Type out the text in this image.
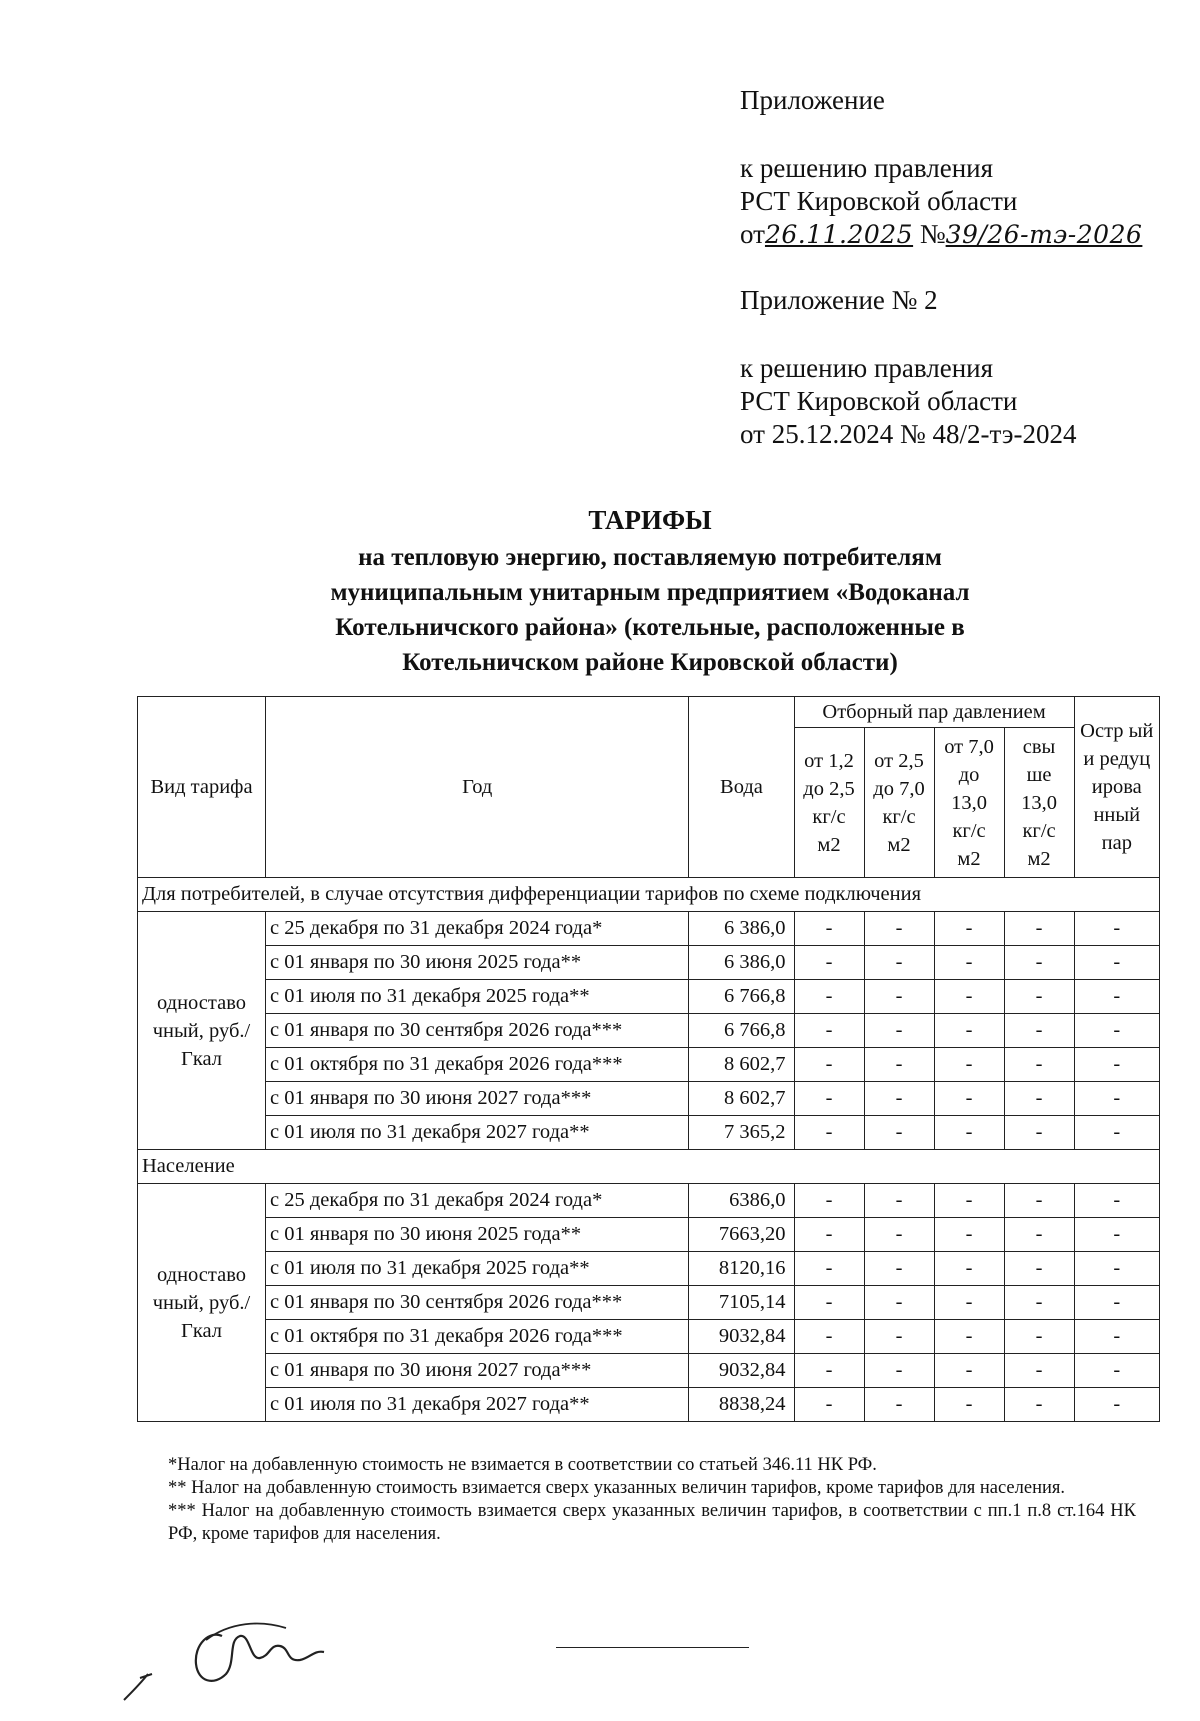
Приложение
к решению правления
РСТ Кировской области
от26.11.2025 №39/26-тэ-2026
Приложение № 2
к решению правления
РСТ Кировской области
от 25.12.2024 № 48/2-тэ-2024
ТАРИФЫ
на тепловую энергию, поставляемую потребителям
муниципальным унитарным предприятием «Водоканал
Котельничского района» (котельные, расположенные в
Котельничском районе Кировской области)
Вид тарифа	Год	Вода	Отборный пар давлением				Остр ый и редуц ирова нный пар
			от 1,2 до 2,5 кг/с м2	от 2,5 до 7,0 кг/с м2	от 7,0 до 13,0 кг/с м2	свы ше 13,0 кг/с м2	
Для потребителей, в случае отсутствия дифференциации тарифов по схеме подключения							
одноставо чный, руб./Гкал	с 25 декабря по 31 декабря 2024 года*	6 386,0	-	-	-	-	-
	с 01 января по 30 июня 2025 года**	6 386,0	-	-	-	-	-
	с 01 июля по 31 декабря 2025 года**	6 766,8	-	-	-	-	-
	с 01 января по 30 сентября 2026 года***	6 766,8	-	-	-	-	-
	с 01 октября по 31 декабря 2026 года***	8 602,7	-	-	-	-	-
	с 01 января по 30 июня 2027 года***	8 602,7	-	-	-	-	-
	с 01 июля по 31 декабря 2027 года**	7 365,2	-	-	-	-	-
Население							
одноставо чный, руб./Гкал	с 25 декабря по 31 декабря 2024 года*	6386,0	-	-	-	-	-
	с 01 января по 30 июня 2025 года**	7663,20	-	-	-	-	-
	с 01 июля по 31 декабря 2025 года**	8120,16	-	-	-	-	-
	с 01 января по 30 сентября 2026 года***	7105,14	-	-	-	-	-
	с 01 октября по 31 декабря 2026 года***	9032,84	-	-	-	-	-
	с 01 января по 30 июня 2027 года***	9032,84	-	-	-	-	-
	с 01 июля по 31 декабря 2027 года**	8838,24	-	-	-	-	-

*Налог на добавленную стоимость не взимается в соответствии со статьей 346.11 НК РФ.

** Налог на добавленную стоимость взимается сверх указанных величин тарифов, кроме тарифов для населения.

*** Налог на добавленную стоимость взимается сверх указанных величин тарифов, в соответствии с пп.1 п.8 ст.164 НК РФ, кроме тарифов для населения.
